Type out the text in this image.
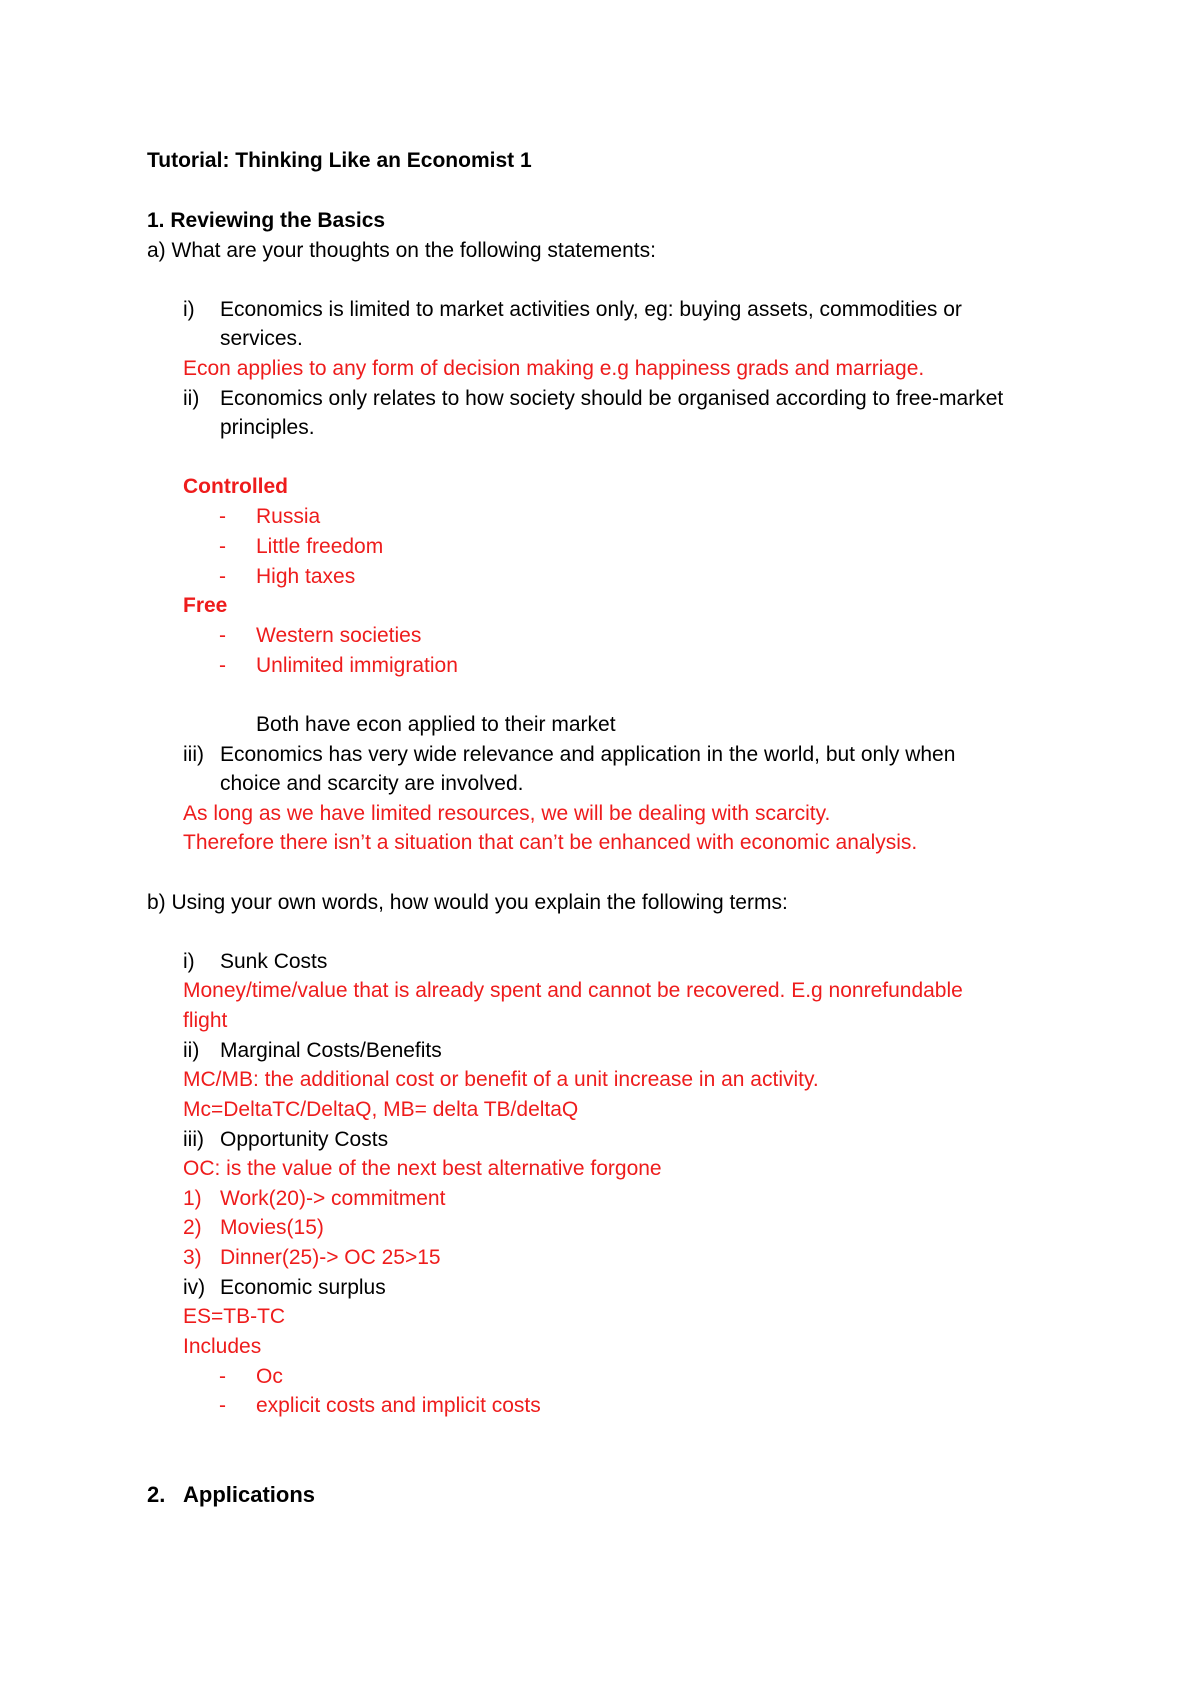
Tutorial: Thinking Like an Economist 1
1. Reviewing the Basics
a) What are your thoughts on the following statements:
i) Economics is limited to market activities only, eg: buying assets, commodities or
services.
Econ applies to any form of decision making e.g happiness grads and marriage.
ii) Economics only relates to how society should be organised according to free-market
principles.
Controlled
- Russia
- Little freedom
- High taxes
Free
- Western societies
- Unlimited immigration
Both have econ applied to their market
iii) Economics has very wide relevance and application in the world, but only when
choice and scarcity are involved.
As long as we have limited resources, we will be dealing with scarcity.
Therefore there isn’t a situation that can’t be enhanced with economic analysis.
b) Using your own words, how would you explain the following terms:
i) Sunk Costs
Money/time/value that is already spent and cannot be recovered. E.g nonrefundable
flight
ii) Marginal Costs/Benefits
MC/MB: the additional cost or benefit of a unit increase in an activity.
Mc=DeltaTC/DeltaQ, MB= delta TB/deltaQ
iii) Opportunity Costs
OC: is the value of the next best alternative forgone
1) Work(20)-> commitment
2) Movies(15)
3) Dinner(25)-> OC 25>15
iv) Economic surplus
ES=TB-TC
Includes
- Oc
- explicit costs and implicit costs
2. Applications
